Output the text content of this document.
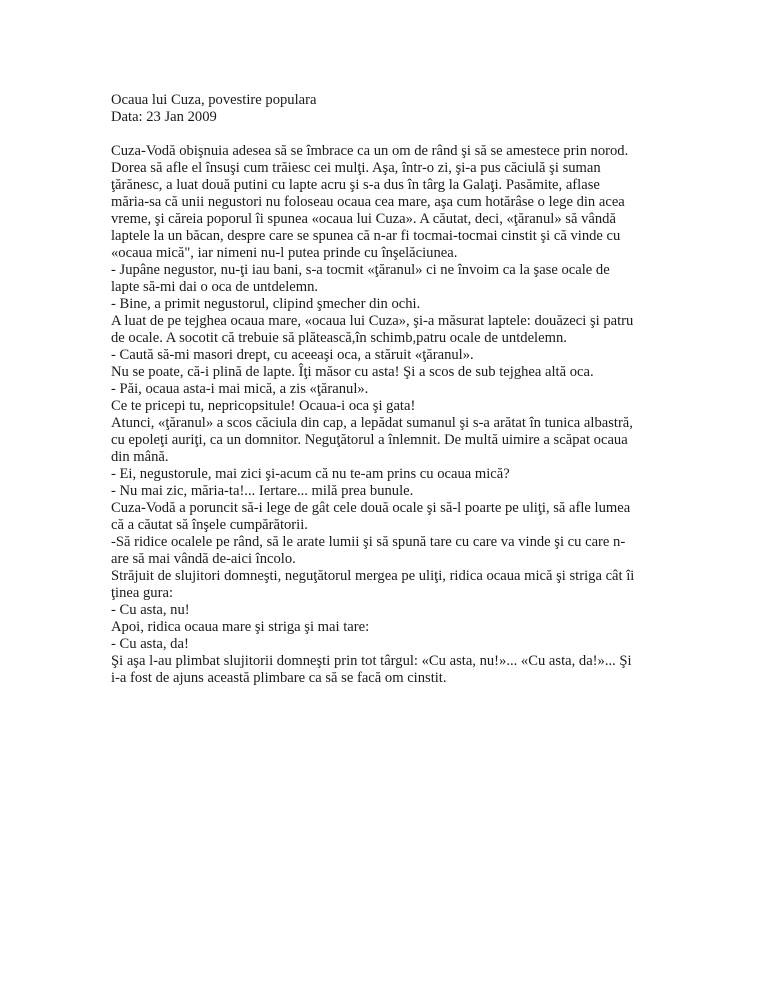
Ocaua lui Cuza, povestire populara

Data: 23 Jan 2009

Cuza-Vodă obişnuia adesea să se îmbrace ca un om de rând şi să se amestece prin norod.

Dorea să afle el însuşi cum trăiesc cei mulţi. Aşa, într-o zi, şi-a pus căciulă şi suman

ţărănesc, a luat două putini cu lapte acru şi s-a dus în târg la Galaţi. Pasămite, aflase

măria-sa că unii negustori nu foloseau ocaua cea mare, aşa cum hotărâse o lege din acea

vreme, şi căreia poporul îi spunea «ocaua lui Cuza». A căutat, deci, «ţăranul» să vândă

laptele la un băcan, despre care se spunea că n-ar fi tocmai-tocmai cinstit şi că vinde cu

«ocaua mică", iar nimeni nu-l putea prinde cu înşelăciunea.

- Jupâne negustor, nu-ţi iau bani, s-a tocmit «ţăranul» ci ne învoim ca la şase ocale de

lapte să-mi dai o oca de untdelemn.

- Bine, a primit negustorul, clipind şmecher din ochi.

A luat de pe tejghea ocaua mare, «ocaua lui Cuza», şi-a măsurat laptele: douăzeci şi patru

de ocale. A socotit că trebuie să plătească,în schimb,patru ocale de untdelemn.

- Caută să-mi masori drept, cu aceeaşi oca, a stăruit «ţăranul».

Nu se poate, că-i plină de lapte. Îţi măsor cu asta! Şi a scos de sub tejghea altă oca.

- Păi, ocaua asta-i mai mică, a zis «ţăranul».

Ce te pricepi tu, nepricopsitule! Ocaua-i oca şi gata!

Atunci, «ţăranul» a scos căciula din cap, a lepădat sumanul şi s-a arătat în tunica albastră,

cu epoleţi auriţi, ca un domnitor. Neguţătorul a înlemnit. De multă uimire a scăpat ocaua

din mână.

- Ei, negustorule, mai zici şi-acum că nu te-am prins cu ocaua mică?

- Nu mai zic, măria-ta!... Iertare... milă prea bunule.

Cuza-Vodă a poruncit să-i lege de gât cele două ocale şi să-l poarte pe uliţi, să afle lumea

că a căutat să înşele cumpărătorii.

-Să ridice ocalele pe rând, să le arate lumii şi să spună tare cu care va vinde şi cu care n-

are să mai vândă de-aici încolo.

Străjuit de slujitori domneşti, neguţătorul mergea pe uliţi, ridica ocaua mică şi striga cât îi

ţinea gura:

- Cu asta, nu!

Apoi, ridica ocaua mare şi striga şi mai tare:

- Cu asta, da!

Şi aşa l-au plimbat slujitorii domneşti prin tot târgul: «Cu asta, nu!»... «Cu asta, da!»... Şi

i-a fost de ajuns această plimbare ca să se facă om cinstit.
